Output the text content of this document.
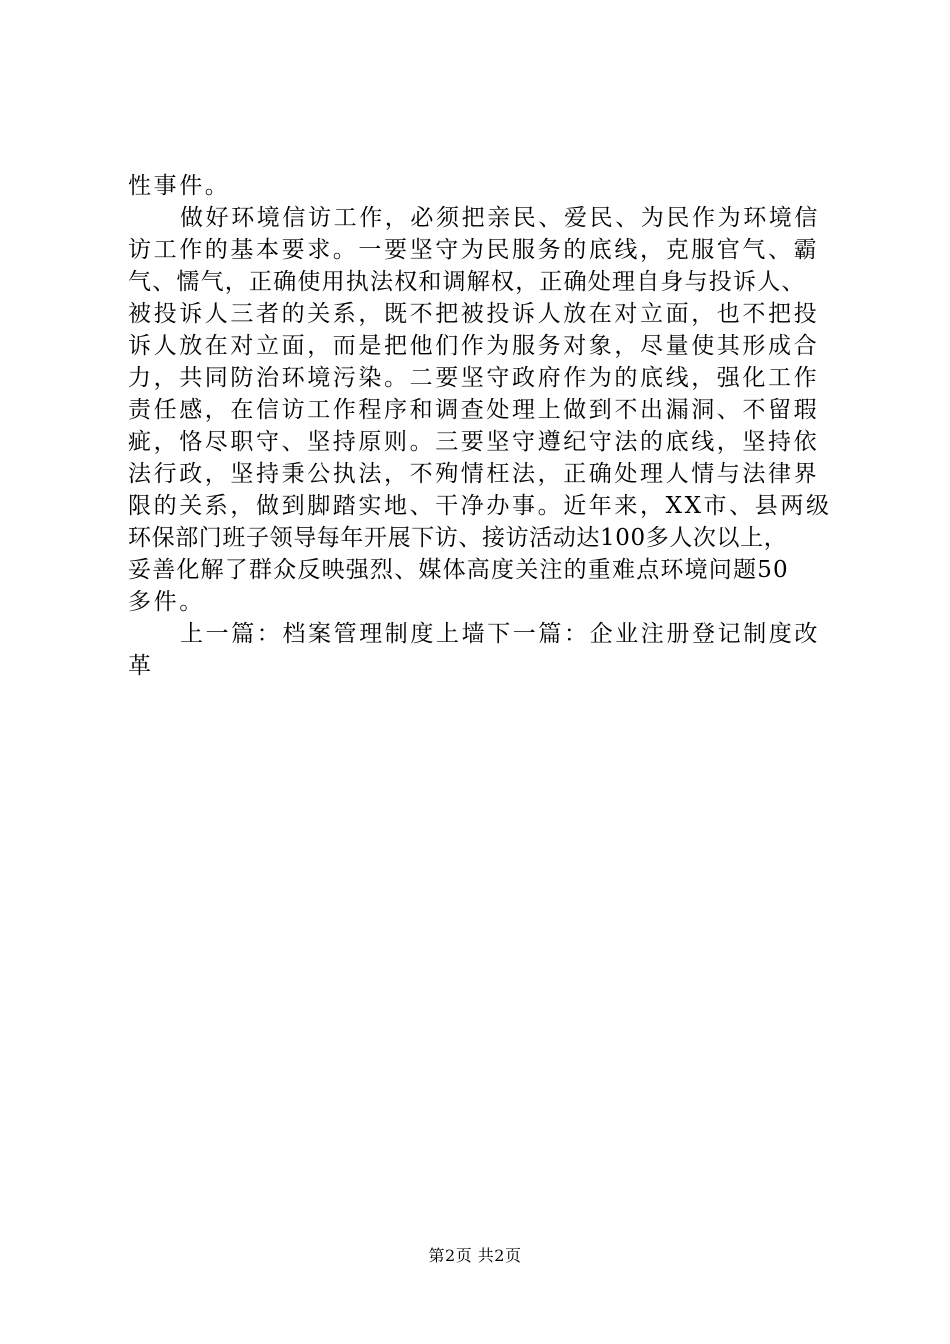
性事件。
做好环境信访工作，必须把亲民、爱民、为民作为环境信
访工作的基本要求。一要坚守为民服务的底线，克服官气、霸
气、懦气，正确使用执法权和调解权，正确处理自身与投诉人、
被投诉人三者的关系，既不把被投诉人放在对立面，也不把投
诉人放在对立面，而是把他们作为服务对象，尽量使其形成合
力，共同防治环境污染。二要坚守政府作为的底线，强化工作
责任感，在信访工作程序和调查处理上做到不出漏洞、不留瑕
疵，恪尽职守、坚持原则。三要坚守遵纪守法的底线，坚持依
法行政，坚持秉公执法，不殉情枉法，正确处理人情与法律界
限的关系，做到脚踏实地、干净办事。近年来，XX市、县两级
环保部门班子领导每年开展下访、接访活动达100多人次以上，
妥善化解了群众反映强烈、媒体高度关注的重难点环境问题50
多件。
上一篇：档案管理制度上墙下一篇：企业注册登记制度改
革
第2页 共2页
